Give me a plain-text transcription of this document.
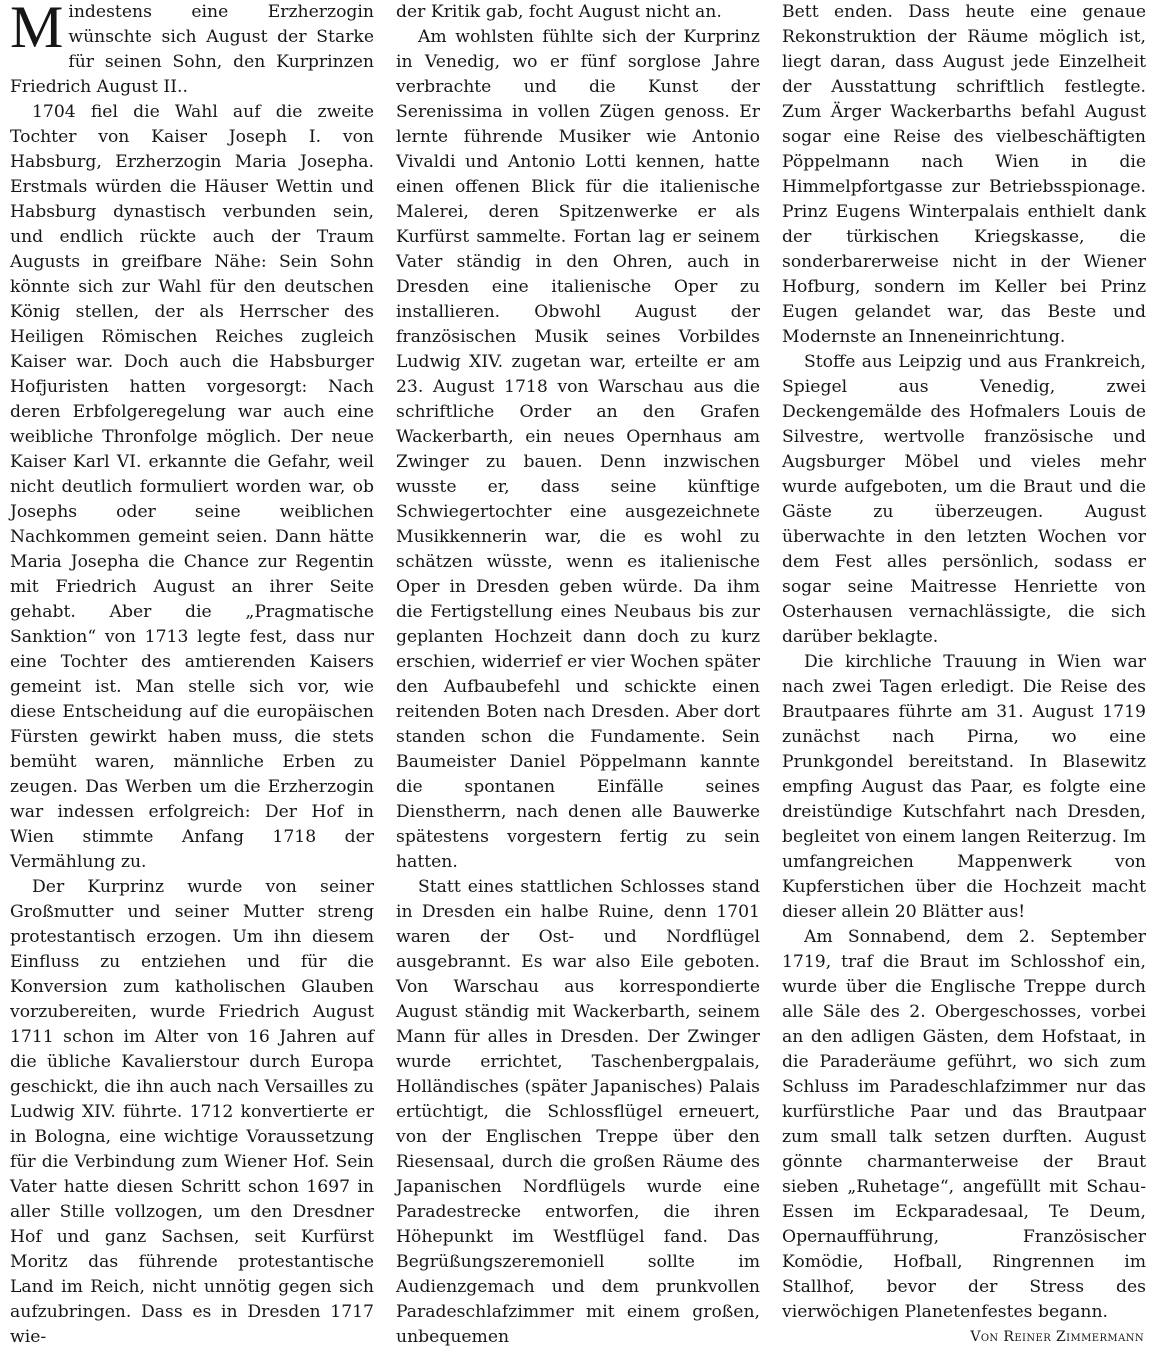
Mindestens eine Erzherzogin wünschte sich August der Starke für seinen Sohn, den Kurprinzen Friedrich August II..

1704 fiel die Wahl auf die zweite Tochter von Kaiser Joseph I. von Habsburg, Erzherzogin Maria Josepha. Erstmals würden die Häuser Wettin und Habsburg dynastisch verbunden sein, und endlich rückte auch der Traum Augusts in greifbare Nähe: Sein Sohn könnte sich zur Wahl für den deutschen König stellen, der als Herrscher des Heiligen Römischen Reiches zugleich Kaiser war. Doch auch die Habsburger Hofjuristen hatten vorgesorgt: Nach deren Erbfolgeregelung war auch eine weibliche Thronfolge möglich. Der neue Kaiser Karl VI. erkannte die Gefahr, weil nicht deutlich formuliert worden war, ob Josephs oder seine weiblichen Nachkommen gemeint seien. Dann hätte Maria Josepha die Chance zur Regentin mit Friedrich August an ihrer Seite gehabt. Aber die „Pragmatische Sanktion“ von 1713 legte fest, dass nur eine Tochter des amtierenden Kaisers gemeint ist. Man stelle sich vor, wie diese Entscheidung auf die europäischen Fürsten gewirkt haben muss, die stets bemüht waren, männliche Erben zu zeugen. Das Werben um die Erzherzogin war indessen erfolgreich: Der Hof in Wien stimmte Anfang 1718 der Vermählung zu.

Der Kurprinz wurde von seiner Großmutter und seiner Mutter streng protestantisch erzogen. Um ihn diesem Einfluss zu entziehen und für die Konversion zum katholischen Glauben vorzubereiten, wurde Friedrich August 1711 schon im Alter von 16 Jahren auf die übliche Kavalierstour durch Europa geschickt, die ihn auch nach Versailles zu Ludwig XIV. führte. 1712 konvertierte er in Bologna, eine wichtige Voraussetzung für die Verbindung zum Wiener Hof. Sein Vater hatte diesen Schritt schon 1697 in aller Stille vollzogen, um den Dresdner Hof und ganz Sachsen, seit Kurfürst Moritz das führende protestantische Land im Reich, nicht unnötig gegen sich aufzubringen. Dass es in Dresden 1717 wie-

der Kritik gab, focht August nicht an.

Am wohlsten fühlte sich der Kurprinz in Venedig, wo er fünf sorglose Jahre verbrachte und die Kunst der Serenissima in vollen Zügen genoss. Er lernte führende Musiker wie Antonio Vivaldi und Antonio Lotti kennen, hatte einen offenen Blick für die italienische Malerei, deren Spitzenwerke er als Kurfürst sammelte. Fortan lag er seinem Vater ständig in den Ohren, auch in Dresden eine italienische Oper zu installieren. Obwohl August der französischen Musik seines Vorbildes Ludwig XIV. zugetan war, erteilte er am 23. August 1718 von Warschau aus die schriftliche Order an den Grafen Wackerbarth, ein neues Opernhaus am Zwinger zu bauen. Denn inzwischen wusste er, dass seine künftige Schwiegertochter eine ausgezeichnete Musikkennerin war, die es wohl zu schätzen wüsste, wenn es italienische Oper in Dresden geben würde. Da ihm die Fertigstellung eines Neubaus bis zur geplanten Hochzeit dann doch zu kurz erschien, widerrief er vier Wochen später den Aufbaubefehl und schickte einen reitenden Boten nach Dresden. Aber dort standen schon die Fundamente. Sein Baumeister Daniel Pöppelmann kannte die spontanen Einfälle seines Dienstherrn, nach denen alle Bauwerke spätestens vorgestern fertig zu sein hatten.

Statt eines stattlichen Schlosses stand in Dresden ein halbe Ruine, denn 1701 waren der Ost- und Nordflügel ausgebrannt. Es war also Eile geboten. Von Warschau aus korrespondierte August ständig mit Wackerbarth, seinem Mann für alles in Dresden. Der Zwinger wurde errichtet, Taschenbergpalais, Holländisches (später Japanisches) Palais ertüchtigt, die Schlossflügel erneuert, von der Englischen Treppe über den Riesensaal, durch die großen Räume des Japanischen Nordflügels wurde eine Paradestrecke entworfen, die ihren Höhepunkt im Westflügel fand. Das Begrüßungszeremoniell sollte im Audienzgemach und dem prunkvollen Paradeschlafzimmer mit einem großen, unbequemen

Bett enden. Dass heute eine genaue Rekonstruktion der Räume möglich ist, liegt daran, dass August jede Einzelheit der Ausstattung schriftlich festlegte. Zum Ärger Wackerbarths befahl August sogar eine Reise des vielbeschäftigten Pöppelmann nach Wien in die Himmelpfortgasse zur Betriebsspionage. Prinz Eugens Winterpalais enthielt dank der türkischen Kriegskasse, die sonderbarerweise nicht in der Wiener Hofburg, sondern im Keller bei Prinz Eugen gelandet war, das Beste und Modernste an Inneneinrichtung.

Stoffe aus Leipzig und aus Frankreich, Spiegel aus Venedig, zwei Deckengemälde des Hofmalers Louis de Silvestre, wertvolle französische und Augsburger Möbel und vieles mehr wurde aufgeboten, um die Braut und die Gäste zu überzeugen. August überwachte in den letzten Wochen vor dem Fest alles persönlich, sodass er sogar seine Maitresse Henriette von Osterhausen vernachlässigte, die sich darüber beklagte.

Die kirchliche Trauung in Wien war nach zwei Tagen erledigt. Die Reise des Brautpaares führte am 31. August 1719 zunächst nach Pirna, wo eine Prunkgondel bereitstand. In Blasewitz empfing August das Paar, es folgte eine dreistündige Kutschfahrt nach Dresden, begleitet von einem langen Reiterzug. Im umfangreichen Mappenwerk von Kupferstichen über die Hochzeit macht dieser allein 20 Blätter aus!

Am Sonnabend, dem 2. September 1719, traf die Braut im Schlosshof ein, wurde über die Englische Treppe durch alle Säle des 2. Obergeschosses, vorbei an den adligen Gästen, dem Hofstaat, in die Paraderäume geführt, wo sich zum Schluss im Paradeschlafzimmer nur das kurfürstliche Paar und das Brautpaar zum small talk setzen durften. August gönnte charmanterweise der Braut sieben „Ruhetage“, angefüllt mit Schau-Essen im Eckparadesaal, Te Deum, Opernaufführung, Französischer Komödie, Hofball, Ringrennen im Stallhof, bevor der Stress des vierwöchigen Planetenfestes begann.
Von Reiner Zimmermann
